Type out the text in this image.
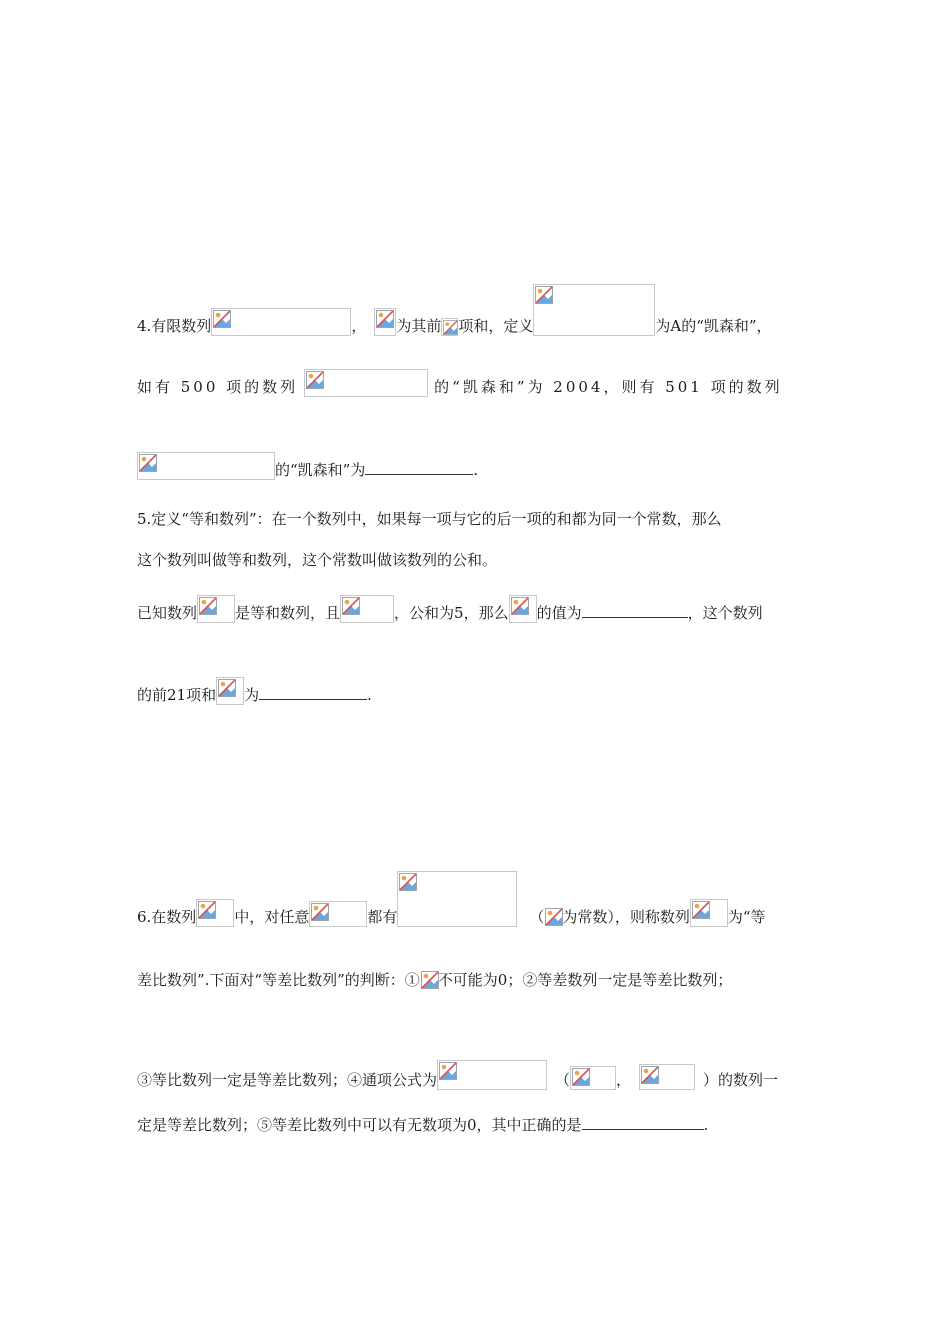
4.有限数列	， 为其前 项和，定义	为A的“凯森和”，
如有 500 项的数列	的“凯森和”为 2004，则有 501 项的数列
的“凯森和”为	.
5.定义“等和数列”：在一个数列中，如果每一项与它的后一项的和都为同一个常数，那么
这个数列叫做等和数列，这个常数叫做该数列的公和。
已知数列	是等和数列，且	，公和为5，那么 的值为	，这个数列
的前21项和 为	.
6.在数列	中，对任意	都有	（ 为常数），则称数列	为“等
差比数列”.下面对“等差比数列”的判断：① 不可能为0；②等差数列一定是等差比数列；
③等比数列一定是等差比数列；④通项公式为	（	，	）的数列一
定是等差比数列；⑤等差比数列中可以有无数项为0，其中正确的是	.
